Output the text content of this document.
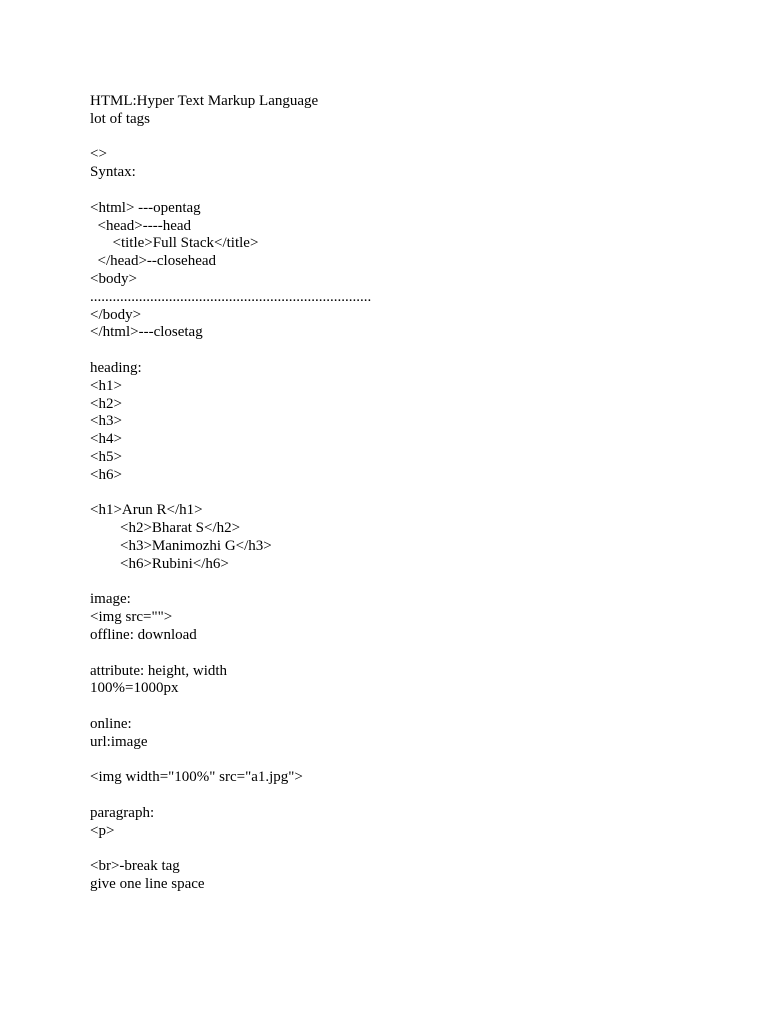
HTML:Hyper Text Markup Language
lot of tags
<>
Syntax:
<html> ---opentag
<head>----head
<title>Full Stack</title>
</head>--closehead
<body>
...........................................................................
</body>
</html>---closetag
heading:
<h1>
<h2>
<h3>
<h4>
<h5>
<h6>
<h1>Arun R</h1>
<h2>Bharat S</h2>
<h3>Manimozhi G</h3>
<h6>Rubini</h6>
image:
<img src="">
offline: download
attribute: height, width
100%=1000px
online:
url:image
<img width="100%" src="a1.jpg">
paragraph:
<p>
<br>-break tag
give one line space
